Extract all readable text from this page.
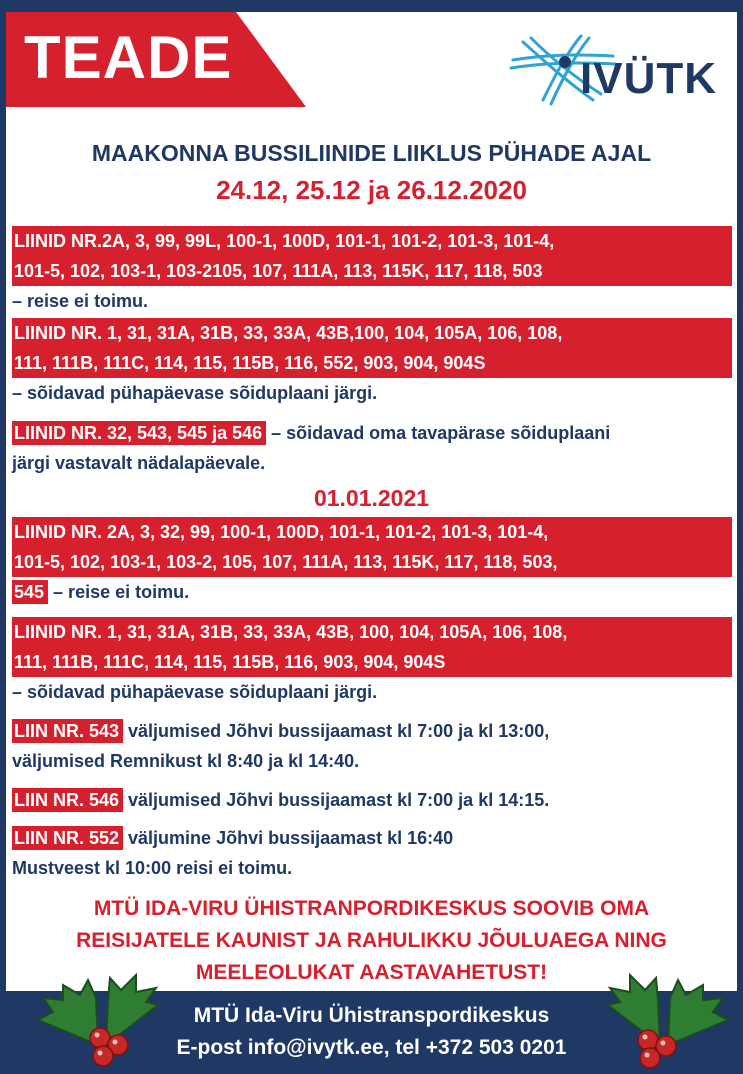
TEADE	IVÜTK
MAAKONNA BUSSILIINIDE LIIKLUS PÜHADE AJAL
24.12, 25.12 ja 26.12.2020
LIINID NR.2A, 3, 99, 99L, 100-1, 100D, 101-1, 101-2, 101-3, 101-4,
101-5, 102, 103-1, 103-2105, 107, 111A, 113, 115K, 117, 118, 503
– reise ei toimu.
LIINID NR. 1, 31, 31A, 31B, 33, 33A, 43B,100, 104, 105A, 106, 108,
111, 111B, 111C, 114, 115, 115B, 116, 552, 903, 904, 904S
– sõidavad pühapäevase sõiduplaani järgi.
LIINID NR. 32, 543, 545 ja 546 – sõidavad oma tavapärase sõiduplaani
järgi vastavalt nädalapäevale.
01.01.2021
LIINID NR. 2A, 3, 32, 99, 100-1, 100D, 101-1, 101-2, 101-3, 101-4,
101-5, 102, 103-1, 103-2, 105, 107, 111A, 113, 115K, 117, 118, 503,
545 – reise ei toimu.
LIINID NR. 1, 31, 31A, 31B, 33, 33A, 43B, 100, 104, 105A, 106, 108,
111, 111B, 111C, 114, 115, 115B, 116, 903, 904, 904S
– sõidavad pühapäevase sõiduplaani järgi.
LIIN NR. 543 väljumised Jõhvi bussijaamast kl 7:00 ja kl 13:00,
väljumised Remnikust kl 8:40 ja kl 14:40.
LIIN NR. 546 väljumised Jõhvi bussijaamast kl 7:00 ja kl 14:15.
LIIN NR. 552 väljumine Jõhvi bussijaamast kl 16:40
Mustveest kl 10:00 reisi ei toimu.
MTÜ IDA-VIRU ÜHISTRANPORDIKESKUS SOOVIB OMA
REISIJATELE KAUNIST JA RAHULIKKU JÕULUAEGA NING
MEELEOLUKAT AASTAVAHETUST!
MTÜ Ida-Viru Ühistranspordikeskus
E-post info@ivytk.ee, tel +372 503 0201
